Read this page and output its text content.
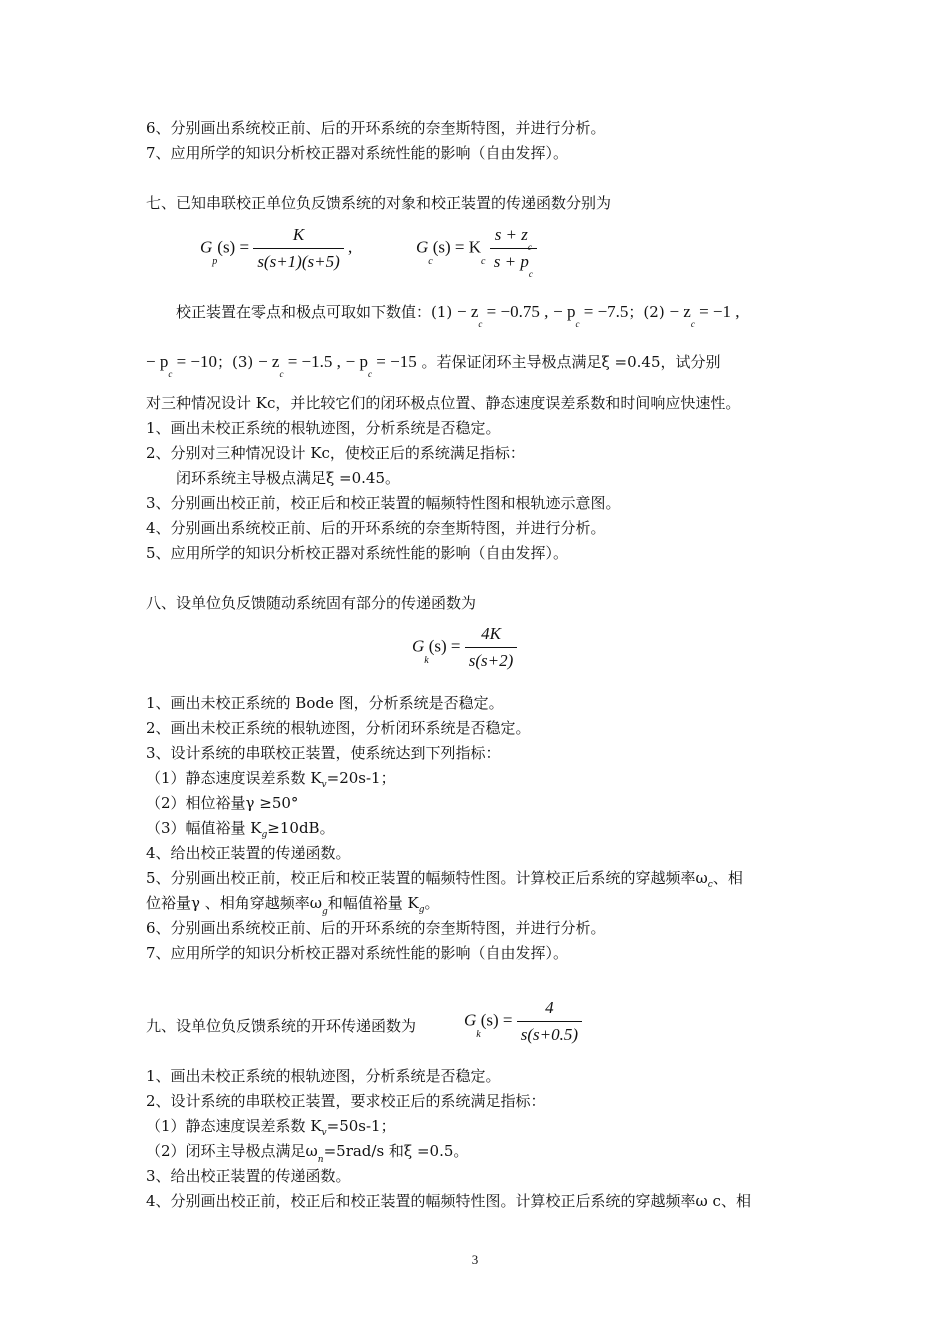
6、分别画出系统校正前、后的开环系统的奈奎斯特图，并进行分析。
7、应用所学的知识分析校正器对系统性能的影响（自由发挥）。
七、已知串联校正单位负反馈系统的对象和校正装置的传递函数分别为
$G_p(s) = \frac{K}{s(s+1)(s+5)}$ ,	$G_c(s) = K_c \frac{s + z_c}{s + p_c}$
校正装置在零点和极点可取如下数值：$(1) - z_c = -0.75$ , − $p_c = -7.5$；$(2) - z_c = -1$ ,
− $p_c = -10$；$(3) - z_c = -1.5$ , − $p_c = -15$ 。若保证闭环主导极点满足ξ =0.45，试分别
对三种情况设计 Kc，并比较它们的闭环极点位置、静态速度误差系数和时间响应快速性。
1、画出未校正系统的根轨迹图，分析系统是否稳定。
2、分别对三种情况设计 Kc，使校正后的系统满足指标：
闭环系统主导极点满足ξ =0.45。
3、分别画出校正前，校正后和校正装置的幅频特性图和根轨迹示意图。
4、分别画出系统校正前、后的开环系统的奈奎斯特图，并进行分析。
5、应用所学的知识分析校正器对系统性能的影响（自由发挥）。
八、设单位负反馈随动系统固有部分的传递函数为
$G_k(s) = \frac{4K}{s(s+2)}$
1、画出未校正系统的 Bode 图，分析系统是否稳定。
2、画出未校正系统的根轨迹图，分析闭环系统是否稳定。
3、设计系统的串联校正装置，使系统达到下列指标：
（1）静态速度误差系数 $K_v=20s-1$；
（2）相位裕量γ ≥50°
（3）幅值裕量 $K_g\ge 10dB$。
4、给出校正装置的传递函数。
5、分别画出校正前，校正后和校正装置的幅频特性图。计算校正后系统的穿越频率$\omega_c$、相
位裕量γ 、相角穿越频率$\omega_g$和幅值裕量 $K_g$。
6、分别画出系统校正前、后的开环系统的奈奎斯特图，并进行分析。
7、应用所学的知识分析校正器对系统性能的影响（自由发挥）。
九、设单位负反馈系统的开环传递函数为	$G_k(s) = \frac{4}{s(s+0.5)}$
1、画出未校正系统的根轨迹图，分析系统是否稳定。
2、设计系统的串联校正装置，要求校正后的系统满足指标：
（1）静态速度误差系数 $K_v=50s-1$；
（2）闭环主导极点满足$\omega_n=5rad/s$ 和ξ =0.5。
3、给出校正装置的传递函数。
4、分别画出校正前，校正后和校正装置的幅频特性图。计算校正后系统的穿越频率ω c、相
3
